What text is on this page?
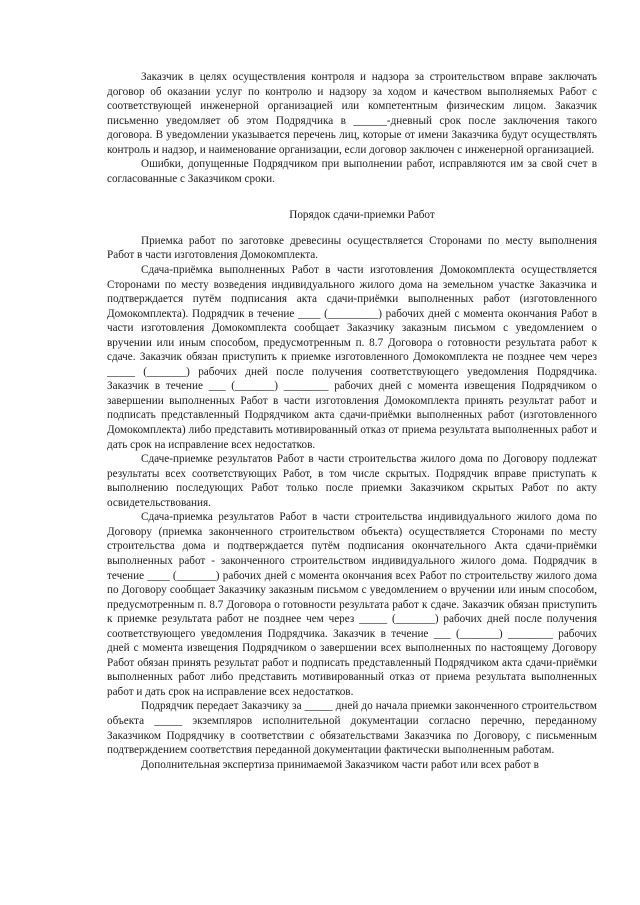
Заказчик в целях осуществления контроля и надзора за строительством вправе заключать договор об оказании услуг по контролю и надзору за ходом и качеством выполняемых Работ с соответствующей инженерной организацией или компетентным физическим лицом. Заказчик письменно уведомляет об этом Подрядчика в ______-дневный срок после заключения такого договора. В уведомлении указывается перечень лиц, которые от имени Заказчика будут осуществлять контроль и надзор, и наименование организации, если договор заключен с инженерной организацией.

Ошибки, допущенные Подрядчиком при выполнении работ, исправляются им за свой счет в согласованные с Заказчиком сроки.

Порядок сдачи-приемки Работ

Приемка работ по заготовке древесины осуществляется Сторонами по месту выполнения Работ в части изготовления Домокомплекта.

Сдача-приёмка выполненных Работ в части изготовления Домокомплекта осуществляется Сторонами по месту возведения индивидуального жилого дома на земельном участке Заказчика и подтверждается путём подписания акта сдачи-приёмки выполненных работ (изготовленного Домокомплекта). Подрядчик в течение ____ (_________) рабочих дней с момента окончания Работ в части изготовления Домокомплекта сообщает Заказчику заказным письмом с уведомлением о вручении или иным способом, предусмотренным п. 8.7 Договора о готовности результата работ к сдаче. Заказчик обязан приступить к приемке изготовленного Домокомплекта не позднее чем через _____ (_______) рабочих дней после получения соответствующего уведомления Подрядчика. Заказчик в течение ___ (_______) ________ рабочих дней с момента извещения Подрядчиком о завершении выполненных Работ в части изготовления Домокомплекта принять результат работ и подписать представленный Подрядчиком акта сдачи-приёмки выполненных работ (изготовленного Домокомплекта) либо представить мотивированный отказ от приема результата выполненных работ и дать срок на исправление всех недостатков.

Сдаче-приемке результатов Работ в части строительства жилого дома по Договору подлежат результаты всех соответствующих Работ, в том числе скрытых. Подрядчик вправе приступать к выполнению последующих Работ только после приемки Заказчиком скрытых Работ по акту освидетельствования.

Сдача-приемка результатов Работ в части строительства индивидуального жилого дома по Договору (приемка законченного строительством объекта) осуществляется Сторонами по месту строительства дома и подтверждается путём подписания окончательного Акта сдачи-приёмки выполненных работ - законченного строительством индивидуального жилого дома. Подрядчик в течение ____ (_______) рабочих дней с момента окончания всех Работ по строительству жилого дома по Договору сообщает Заказчику заказным письмом с уведомлением о вручении или иным способом, предусмотренным п. 8.7 Договора о готовности результата работ к сдаче. Заказчик обязан приступить к приемке результата работ не позднее чем через _____ (_______) рабочих дней после получения соответствующего уведомления Подрядчика. Заказчик в течение ___ (_______) ________ рабочих дней с момента извещения Подрядчиком о завершении всех выполненных по настоящему Договору Работ обязан принять результат работ и подписать представленный Подрядчиком акта сдачи-приёмки выполненных работ либо представить мотивированный отказ от приема результата выполненных работ и дать срок на исправление всех недостатков.

Подрядчик передает Заказчику за _____ дней до начала приемки законченного строительством объекта _____ экземпляров исполнительной документации согласно перечню, переданному Заказчиком Подрядчику в соответствии с обязательствами Заказчика по Договору, с письменным подтверждением соответствия переданной документации фактически выполненным работам.

Дополнительная экспертиза принимаемой Заказчиком части работ или всех работ в
